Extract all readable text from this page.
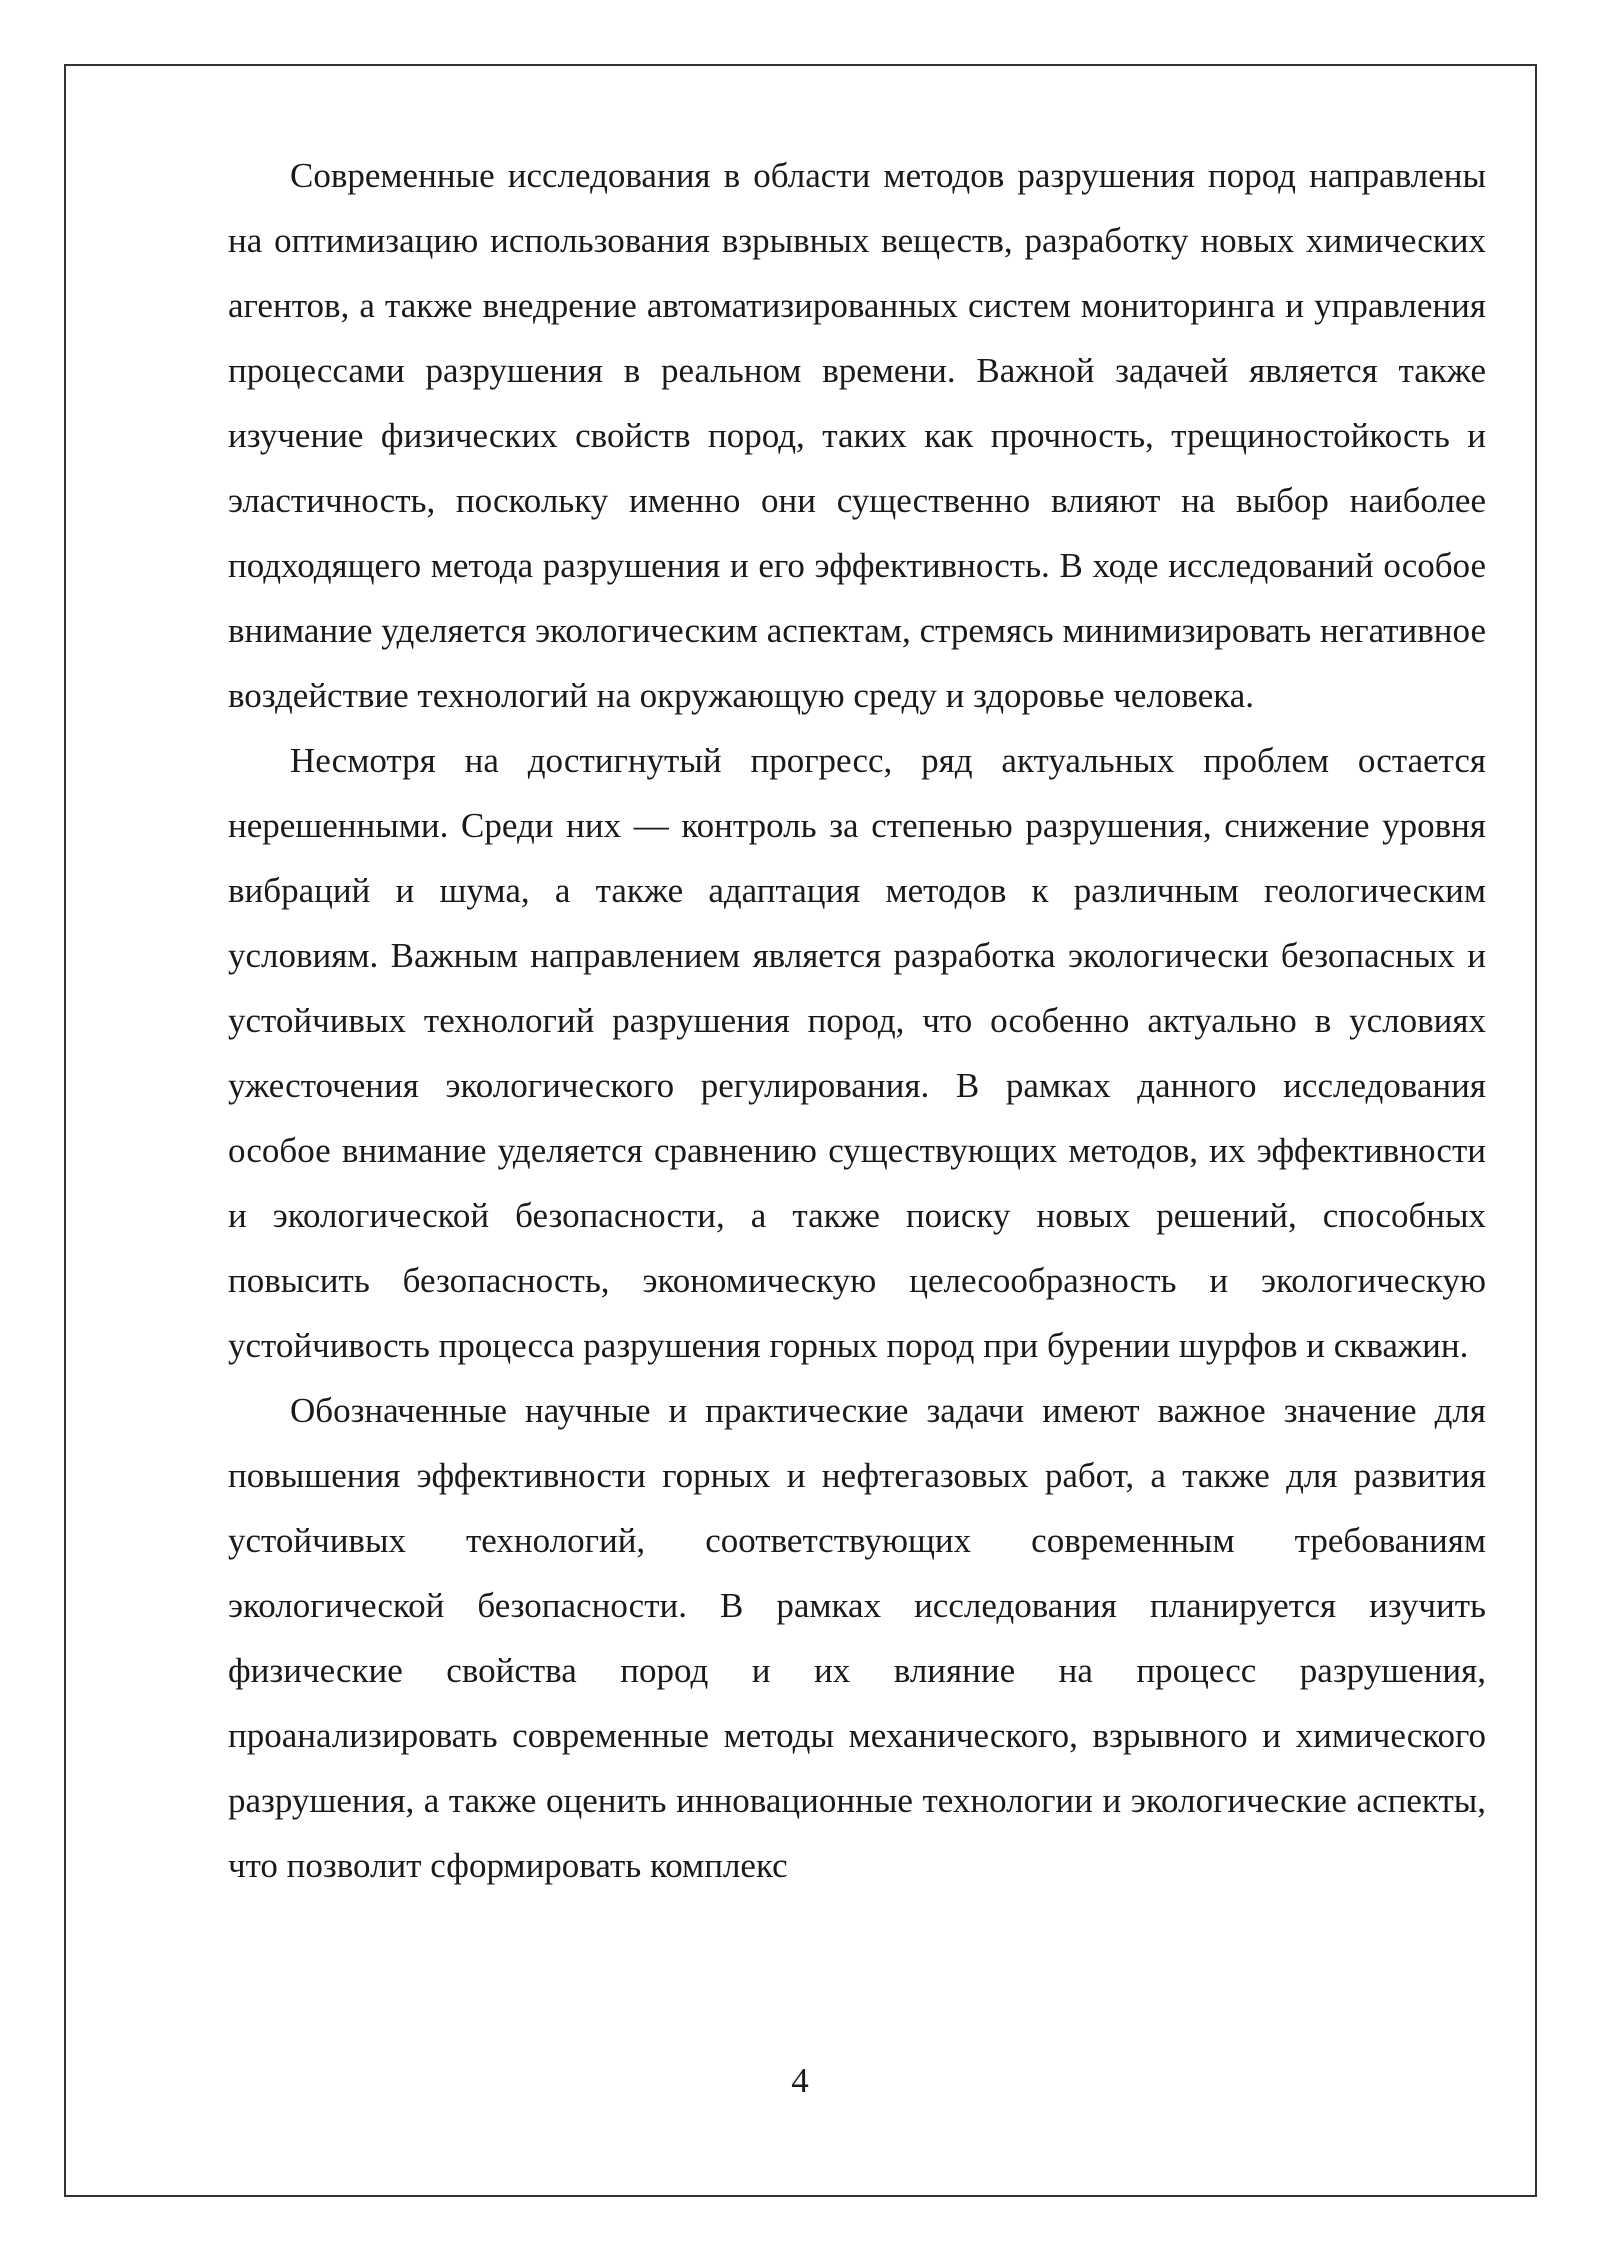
Современные исследования в области методов разрушения пород направлены на оптимизацию использования взрывных веществ, разработку новых химических агентов, а также внедрение автоматизированных систем мониторинга и управления процессами разрушения в реальном времени. Важной задачей является также изучение физических свойств пород, таких как прочность, трещиностойкость и эластичность, поскольку именно они существенно влияют на выбор наиболее подходящего метода разрушения и его эффективность. В ходе исследований особое внимание уделяется экологическим аспектам, стремясь минимизировать негативное воздействие технологий на окружающую среду и здоровье человека.

Несмотря на достигнутый прогресс, ряд актуальных проблем остается нерешенными. Среди них — контроль за степенью разрушения, снижение уровня вибраций и шума, а также адаптация методов к различным геологическим условиям. Важным направлением является разработка экологически безопасных и устойчивых технологий разрушения пород, что особенно актуально в условиях ужесточения экологического регулирования. В рамках данного исследования особое внимание уделяется сравнению существующих методов, их эффективности и экологической безопасности, а также поиску новых решений, способных повысить безопасность, экономическую целесообразность и экологическую устойчивость процесса разрушения горных пород при бурении шурфов и скважин.

Обозначенные научные и практические задачи имеют важное значение для повышения эффективности горных и нефтегазовых работ, а также для развития устойчивых технологий, соответствующих современным требованиям экологической безопасности. В рамках исследования планируется изучить физические свойства пород и их влияние на процесс разрушения, проанализировать современные методы механического, взрывного и химического разрушения, а также оценить инновационные технологии и экологические аспекты, что позволит сформировать комплекс

4
